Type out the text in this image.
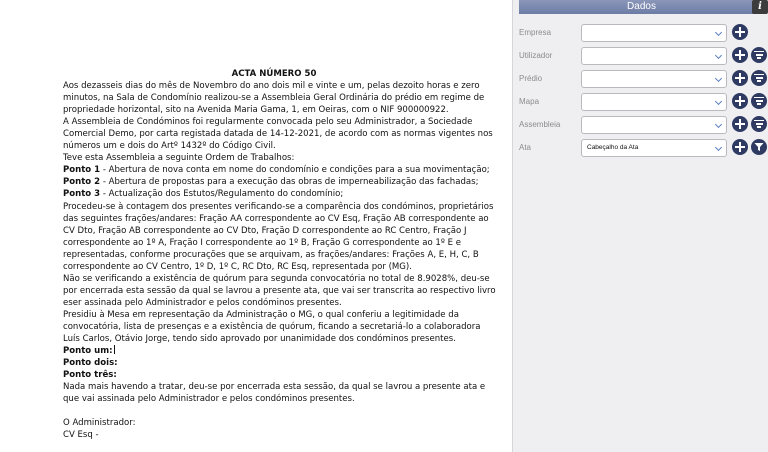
ACTA NÚMERO 50
Aos dezasseis dias do mês de Novembro do ano dois mil e vinte e um, pelas dezoito horas e zero
minutos, na Sala de Condomínio realizou-se a Assembleia Geral Ordinária do prédio em regime de
propriedade horizontal, sito na Avenida Maria Gama, 1, em Oeiras, com o NIF 900000922.
A Assembleia de Condóminos foi regularmente convocada pelo seu Administrador, a Sociedade
Comercial Demo, por carta registada datada de 14-12-2021, de acordo com as normas vigentes nos
números um e dois do Artº 1432º do Código Civil.
Teve esta Assembleia a seguinte Ordem de Trabalhos:
Ponto 1 - Abertura de nova conta em nome do condomínio e condições para a sua movimentação;
Ponto 2 - Abertura de propostas para a execução das obras de imperneabilização das fachadas;
Ponto 3 - Actualização dos Estutos/Regulamento do condomínio;
Procedeu-se à contagem dos presentes verificando-se a comparência dos condóminos, proprietários
das seguintes frações/andares: Fração AA correspondente ao CV Esq, Fração AB correspondente ao
CV Dto, Fração AB correspondente ao CV Dto, Fração D correspondente ao RC Centro, Fração J
correspondente ao 1º A, Fração I correspondente ao 1º B, Fração G correspondente ao 1º E e
representadas, conforme procurações que se arquivam, as frações/andares: Frações A, E, H, C, B
correspondente ao CV Centro, 1º D, 1º C, RC Dto, RC Esq, representada por (MG).
Não se verificando a existência de quórum para segunda convocatória no total de 8.9028%, deu-se
por encerrada esta sessão da qual se lavrou a presente ata, que vai ser transcrita ao respectivo livro
eser assinada pelo Administrador e pelos condóminos presentes.
Presidiu à Mesa em representação da Administração o MG, o qual conferiu a legitimidade da
convocatória, lista de presenças e a existência de quórum, ficando a secretariá-lo a colaboradora
Luís Carlos, Otávio Jorge, tendo sido aprovado por unanimidade dos condóminos presentes.
Ponto um:
Ponto dois:
Ponto três:
Nada mais havendo a tratar, deu-se por encerrada esta sessão, da qual se lavrou a presente ata e
que vai assinada pelo Administrador e pelos condóminos presentes.
O Administrador:
CV Esq -
Dados	i
Empresa
Utilizador
Prédio
Mapa
Assembleia
Ata	Cabeçalho da Ata
